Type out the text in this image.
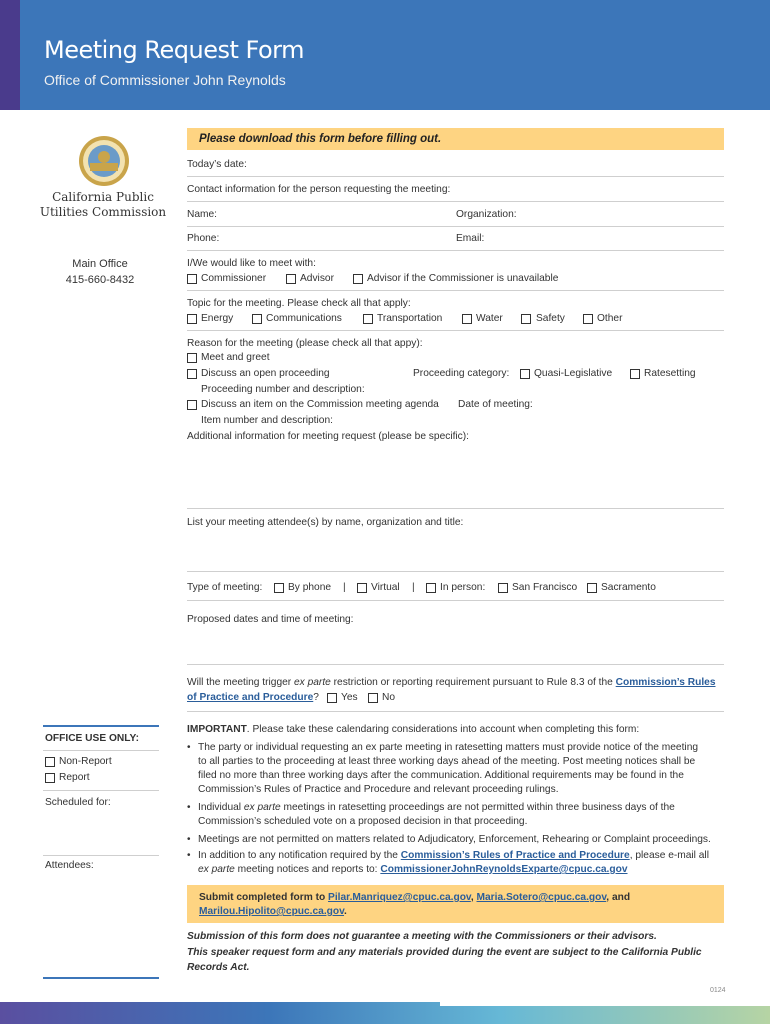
Meeting Request Form
Office of Commissioner John Reynolds
California Public
Utilities Commission
Main Office
415-660-8432
OFFICE USE ONLY:
Non-Report
Report
Scheduled for:
Attendees:
Please download this form before filling out.
Today’s date:
Contact information for the person requesting the meeting:
Name:	Organization:
Phone:	Email:
I/We would like to meet with:
Commissioner	Advisor	Advisor if the Commissioner is unavailable
Topic for the meeting. Please check all that apply:
Energy	Communications	Transportation	Water	Safety	Other
Reason for the meeting (please check all that appy):
Meet and greet
Discuss an open proceeding	Proceeding category: Quasi-Legislative	Ratesetting
Proceeding number and description:
Discuss an item on the Commission meeting agenda Date of meeting:
Item number and description:
Additional information for meeting request (please be specific):
List your meeting attendee(s) by name, organization and title:
Type of meeting:	By phone | Virtual | In person:	San Francisco Sacramento
Proposed dates and time of meeting:
Will the meeting trigger ex parte restriction or reporting requirement pursuant to Rule 8.3 of the Commission’s Rules
of Practice and Procedure? Yes No
IMPORTANT. Please take these calendaring considerations into account when completing this form:
• The party or individual requesting an ex parte meeting in ratesetting matters must provide notice of the meeting
to all parties to the proceeding at least three working days ahead of the meeting. Post meeting notices shall be
filed no more than three working days after the communication. Additional requirements may be found in the
Commission’s Rules of Practice and Procedure and relevant proceeding rulings.
• Individual ex parte meetings in ratesetting proceedings are not permitted within three business days of the
Commission’s scheduled vote on a proposed decision in that proceeding.
• Meetings are not permitted on matters related to Adjudicatory, Enforcement, Rehearing or Complaint proceedings.
• In addition to any notification required by the Commission’s Rules of Practice and Procedure, please e-mail all
ex parte meeting notices and reports to: CommissionerJohnReynoldsExparte@cpuc.ca.gov
Submit completed form to Pilar.Manriquez@cpuc.ca.gov, Maria.Sotero@cpuc.ca.gov, and
Marilou.Hipolito@cpuc.ca.gov.
Submission of this form does not guarantee a meeting with the Commissioners or their advisors.
This speaker request form and any materials provided during the event are subject to the California Public
Records Act.
0124
